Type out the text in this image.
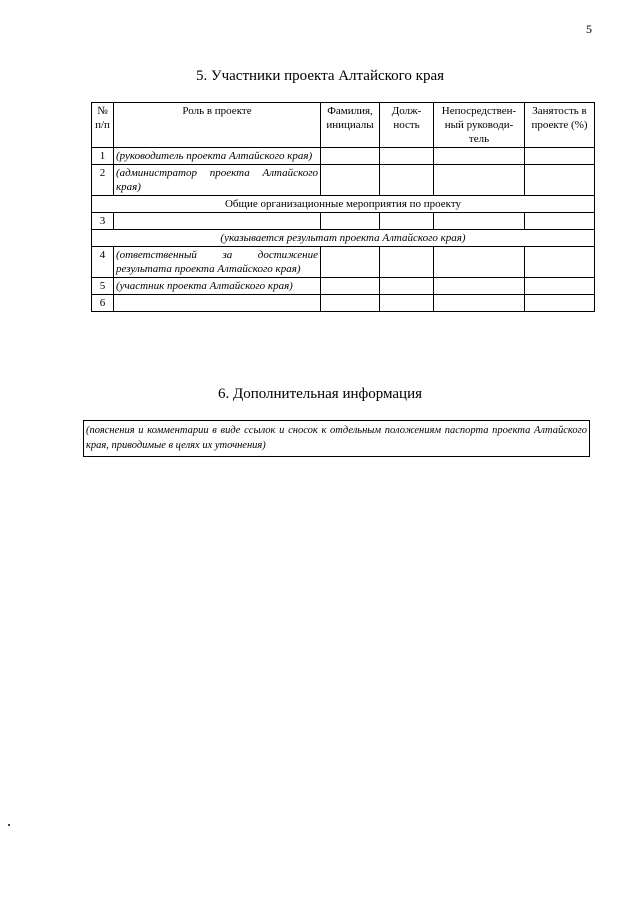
5
5. Участники проекта Алтайского края
№ п/п	Роль в проекте	Фамилия, инициалы	Долж-ность	Непосредствен-ный руководи-тель	Занятость в проекте (%)
1	(руководитель проекта Алтайского края)				
2	(администратор проекта Алтайского края)				
Общие организационные мероприятия по проекту					
3					
(указывается результат проекта Алтайского края)					
4	(ответственный за достижение результата проекта Алтайского края)				
5	(участник проекта Алтайского края)				
6					
6. Дополнительная информация
(пояснения и комментарии в виде ссылок и сносок к отдельным положениям паспорта проекта Алтайского края, приводимые в целях их уточнения)
